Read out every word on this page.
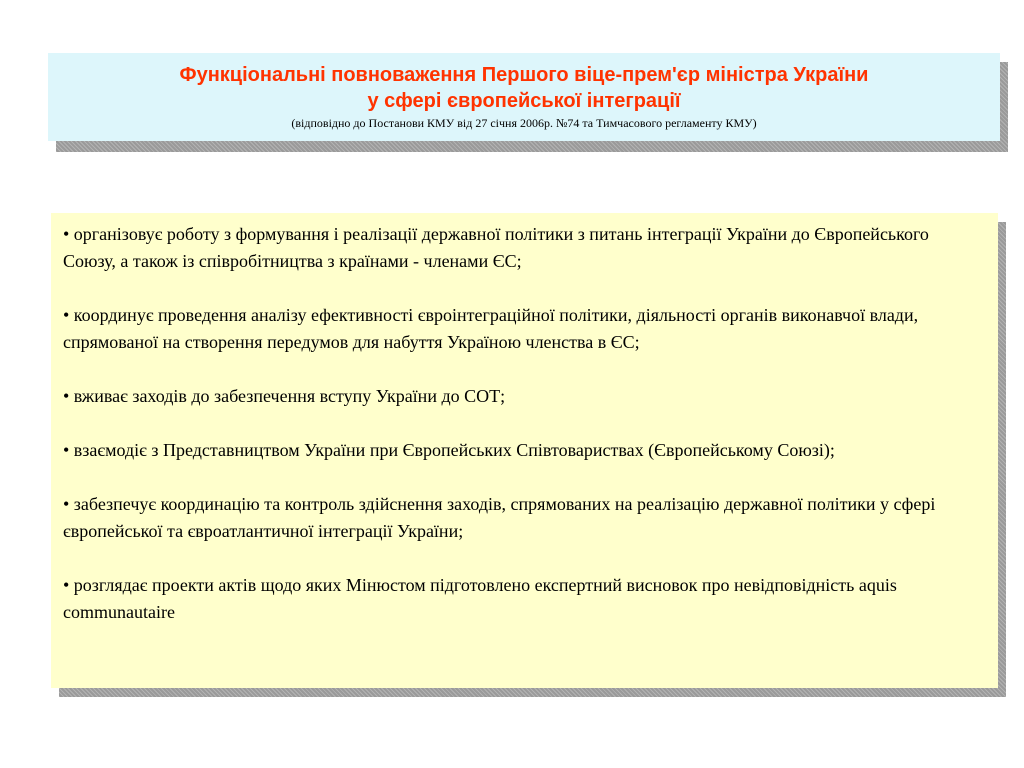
Функціональні повноваження Першого віце-прем'єр міністра України
у сфері європейської інтеграції
(відповідно до Постанови КМУ від 27 січня 2006р. №74 та Тимчасового регламенту КМУ)

• організовує роботу з формування і реалізації державної політики з питань інтеграції України до Європейського Союзу, а також із співробітництва з країнами - членами ЄС;

• координує проведення аналізу ефективності євроінтеграційної політики, діяльності органів виконавчої влади, спрямованої на створення передумов для набуття Україною членства в ЄС;

• вживає заходів до забезпечення вступу України до СОТ;

• взаємодіє з Представництвом України при Європейських Співтовариствах (Європейському Союзі);

• забезпечує координацію та контроль здійснення заходів, спрямованих на реалізацію державної політики у сфері європейської та євроатлантичної інтеграції України;

• розглядає проекти актів щодо яких Мінюстом підготовлено експертний висновок про невідповідність aquis communautaire
